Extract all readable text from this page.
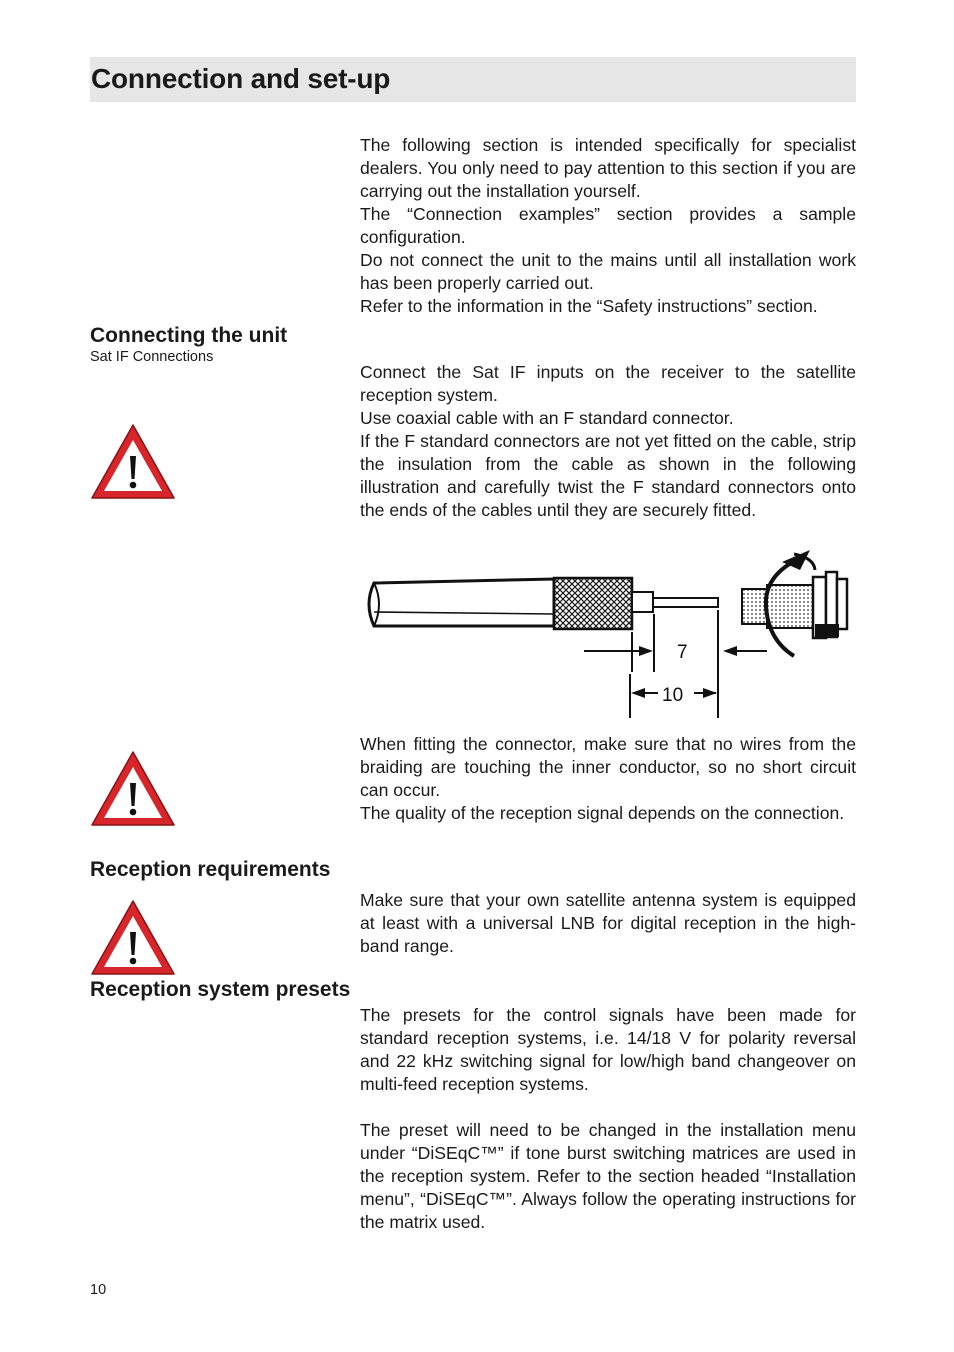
Connection and set-up

The following section is intended specifically for specialist dealers. You only need to pay attention to this section if you are carrying out the installation yourself.

The “Connection examples” section provides a sample configuration.

Do not connect the unit to the mains until all installation work has been properly carried out.

Refer to the information in the “Safety instructions” section.

Connecting the unit
Sat IF Connections

Connect the Sat IF inputs on the receiver to the satellite reception system.

Use coaxial cable with an F standard connector.

If the F standard connectors are not yet fitted on the cable, strip the insulation from the cable as shown in the following illustration and carefully twist the F standard connectors onto the ends of the cables until they are securely fitted.

7
10

When fitting the connector, make sure that no wires from the braiding are touching the inner conductor, so no short circuit can occur.

The quality of the reception signal depends on the connection.

Reception requirements

Make sure that your own satellite antenna system is equipped at least with a universal LNB for digital reception in the high-band range.

Reception system presets

The presets for the control signals have been made for standard reception systems, i.e. 14/18 V for polarity reversal and 22 kHz switching signal for low/high band changeover on multi-feed reception systems.

The preset will need to be changed in the installation menu under “DiSEqC™” if tone burst switching matrices are used in the reception system. Refer to the section headed “Installation menu”, “DiSEqC™”. Always follow the operating instructions for the matrix used.

10
